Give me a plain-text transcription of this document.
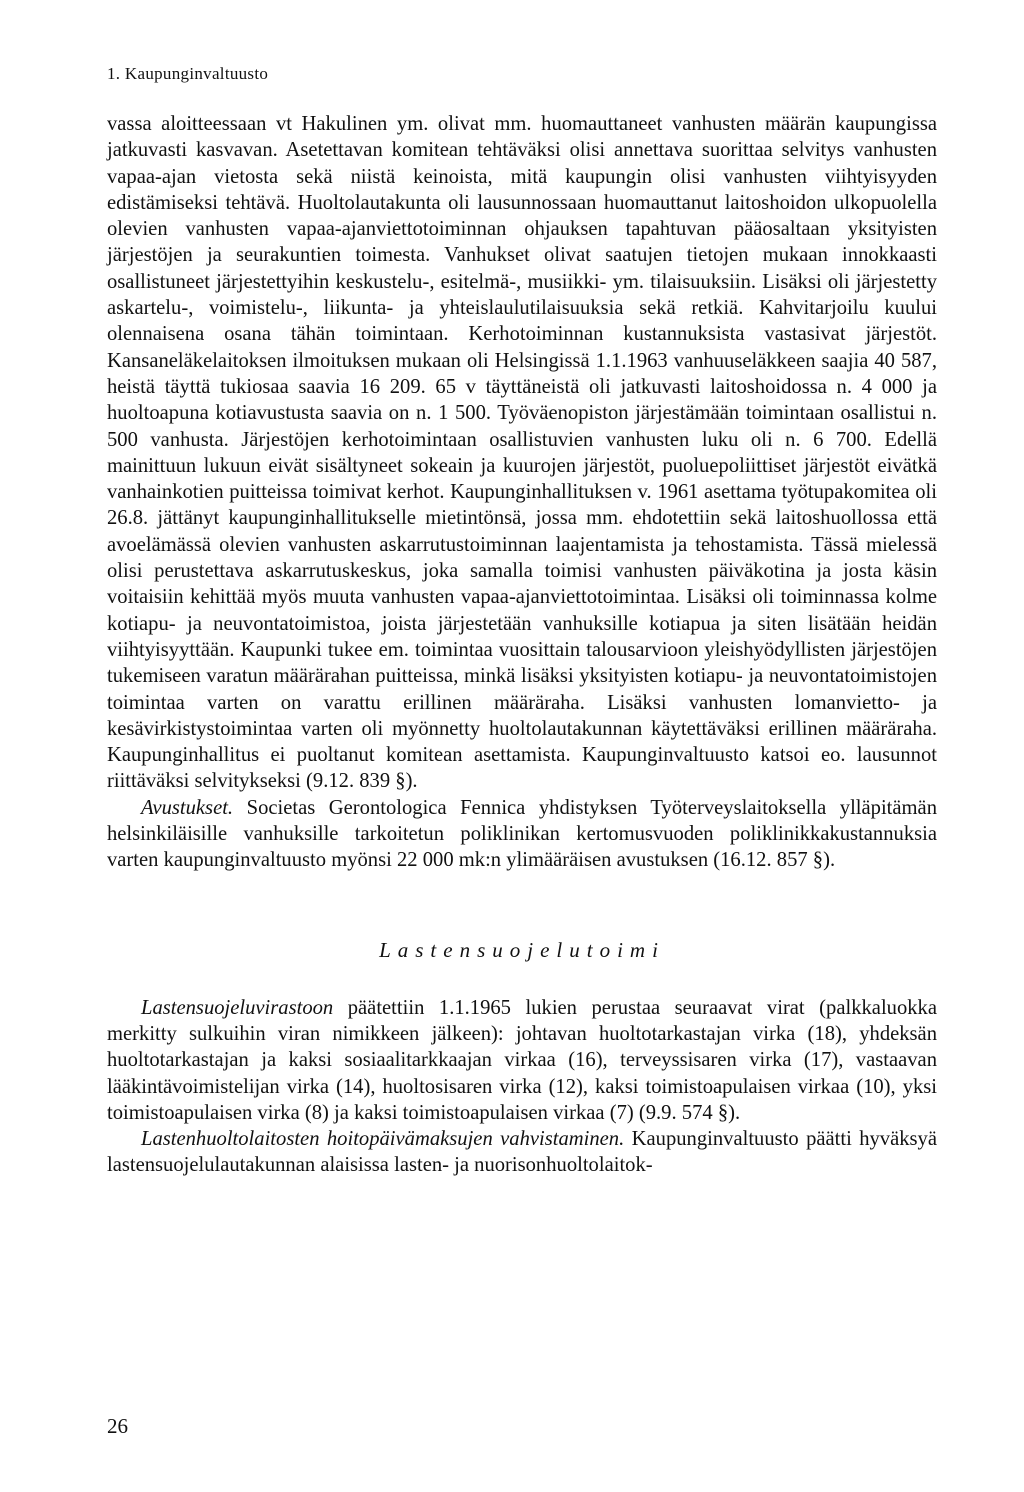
1. Kaupunginvaltuusto

vassa aloitteessaan vt Hakulinen ym. olivat mm. huomauttaneet vanhusten määrän kaupungissa jatkuvasti kasvavan. Asetettavan komitean tehtäväksi olisi annettava suorittaa selvitys vanhusten vapaa-ajan vietosta sekä niistä keinoista, mitä kaupungin olisi vanhusten viihtyisyyden edistämiseksi tehtävä. Huoltolautakunta oli lausunnossaan huomauttanut laitoshoidon ulkopuolella olevien vanhusten vapaa-ajanviettotoiminnan ohjauksen tapahtuvan pääosaltaan yksityisten järjestöjen ja seurakuntien toimesta. Vanhukset olivat saatujen tietojen mukaan innokkaasti osallistuneet järjestettyihin keskustelu-, esitelmä-, musiikki- ym. tilaisuuksiin. Lisäksi oli järjestetty askartelu-, voimistelu-, liikunta- ja yhteislaulutilaisuuksia sekä retkiä. Kahvitarjoilu kuului olennaisena osana tähän toimintaan. Kerhotoiminnan kustannuksista vastasivat järjestöt. Kansaneläkelaitoksen ilmoituksen mukaan oli Helsingissä 1.1.1963 vanhuuseläkkeen saajia 40 587, heistä täyttä tukiosaa saavia 16 209. 65 v täyttäneistä oli jatkuvasti laitoshoidossa n. 4 000 ja huoltoapuna kotiavustusta saavia on n. 1 500. Työväenopiston järjestämään toimintaan osallistui n. 500 vanhusta. Järjestöjen kerhotoimintaan osallistuvien vanhusten luku oli n. 6 700. Edellä mainittuun lukuun eivät sisältyneet sokeain ja kuurojen järjestöt, puoluepoliittiset järjestöt eivätkä vanhainkotien puitteissa toimivat kerhot. Kaupunginhallituksen v. 1961 asettama työtupakomitea oli 26.8. jättänyt kaupunginhallitukselle mietintönsä, jossa mm. ehdotettiin sekä laitoshuollossa että avoelämässä olevien vanhusten askarrutustoiminnan laajentamista ja tehostamista. Tässä mielessä olisi perustettava askarrutuskeskus, joka samalla toimisi vanhusten päiväkotina ja josta käsin voitaisiin kehittää myös muuta vanhusten vapaa-ajanviettotoimintaa. Lisäksi oli toiminnassa kolme kotiapu- ja neuvontatoimistoa, joista järjestetään vanhuksille kotiapua ja siten lisätään heidän viihtyisyyttään. Kaupunki tukee em. toimintaa vuosittain talousarvioon yleishyödyllisten järjestöjen tukemiseen varatun määrärahan puitteissa, minkä lisäksi yksityisten kotiapu- ja neuvontatoimistojen toimintaa varten on varattu erillinen määräraha. Lisäksi vanhusten lomanvietto- ja kesävirkistystoimintaa varten oli myönnetty huoltolautakunnan käytettäväksi erillinen määräraha. Kaupunginhallitus ei puoltanut komitean asettamista. Kaupunginvaltuusto katsoi eo. lausunnot riittäväksi selvitykseksi (9.12. 839 §).

Avustukset. Societas Gerontologica Fennica yhdistyksen Työterveyslaitoksella ylläpitämän helsinkiläisille vanhuksille tarkoitetun poliklinikan kertomusvuoden poliklinikkakustannuksia varten kaupunginvaltuusto myönsi 22 000 mk:n ylimääräisen avustuksen (16.12. 857 §).

Lastensuojelutoimi

Lastensuojeluvirastoon päätettiin 1.1.1965 lukien perustaa seuraavat virat (palkkaluokka merkitty sulkuihin viran nimikkeen jälkeen): johtavan huoltotarkastajan virka (18), yhdeksän huoltotarkastajan ja kaksi sosiaalitarkkaajan virkaa (16), terveyssisaren virka (17), vastaavan lääkintävoimistelijan virka (14), huoltosisaren virka (12), kaksi toimistoapulaisen virkaa (10), yksi toimistoapulaisen virka (8) ja kaksi toimistoapulaisen virkaa (7) (9.9. 574 §).

Lastenhuoltolaitosten hoitopäivämaksujen vahvistaminen. Kaupunginvaltuusto päätti hyväksyä lastensuojelulautakunnan alaisissa lasten- ja nuorisonhuoltolaitok-

26
